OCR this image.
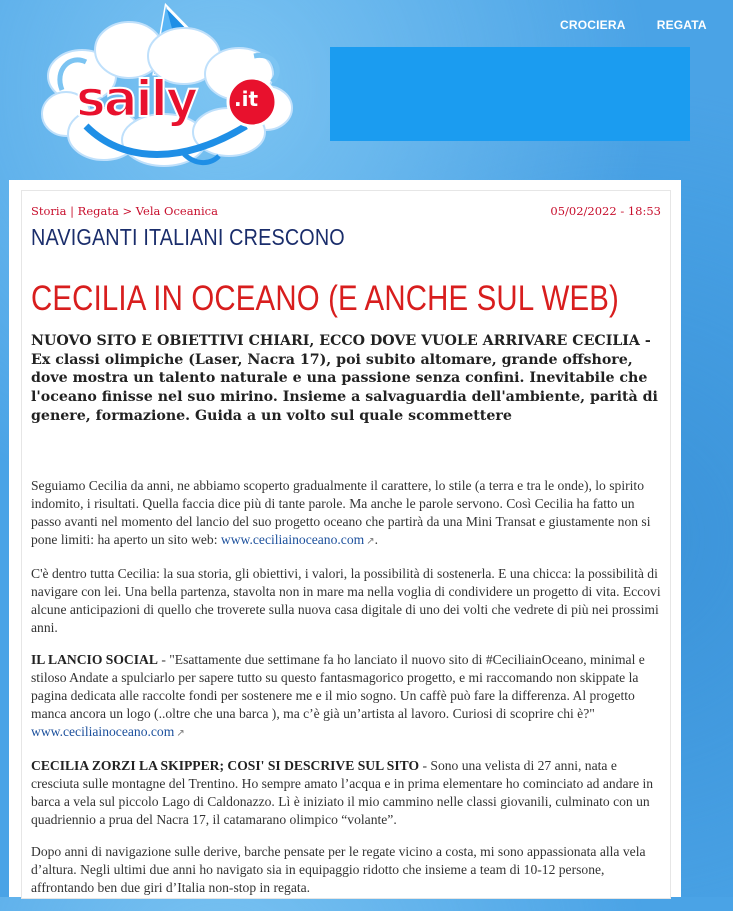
CROCIERA	REGATA
saily .it
Storia | Regata > Vela Oceanica	05/02/2022 - 18:53
NAVIGANTI ITALIANI CRESCONO
CECILIA IN OCEANO (E ANCHE SUL WEB)
NUOVO SITO E OBIETTIVI CHIARI, ECCO DOVE VUOLE ARRIVARE CECILIA - Ex classi olimpiche (Laser, Nacra 17), poi subito altomare, grande offshore, dove mostra un talento naturale e una passione senza confini. Inevitabile che l'oceano finisse nel suo mirino. Insieme a salvaguardia dell'ambiente, parità di genere, formazione. Guida a un volto sul quale scommettere

Seguiamo Cecilia da anni, ne abbiamo scoperto gradualmente il carattere, lo stile (a terra e tra le onde), lo spirito indomito, i risultati. Quella faccia dice più di tante parole. Ma anche le parole servono. Così Cecilia ha fatto un passo avanti nel momento del lancio del suo progetto oceano che partirà da una Mini Transat e giustamente non si pone limiti: ha aperto un sito web: www.ceciliainoceano.com ↗.

C'è dentro tutta Cecilia: la sua storia, gli obiettivi, i valori, la possibilità di sostenerla. E una chicca: la possibilità di navigare con lei. Una bella partenza, stavolta non in mare ma nella voglia di condividere un progetto di vita. Eccovi alcune anticipazioni di quello che troverete sulla nuova casa digitale di uno dei volti che vedrete di più nei prossimi anni.

IL LANCIO SOCIAL - "Esattamente due settimane fa ho lanciato il nuovo sito di #CeciliainOceano, minimal e stiloso Andate a spulciarlo per sapere tutto su questo fantasmagorico progetto, e mi raccomando non skippate la pagina dedicata alle raccolte fondi per sostenere me e il mio sogno. Un caffè può fare la differenza. Al progetto manca ancora un logo (..oltre che una barca ), ma c’è già un’artista al lavoro. Curiosi di scoprire chi è?" www.ceciliainoceano.com ↗

CECILIA ZORZI LA SKIPPER; COSI' SI DESCRIVE SUL SITO - Sono una velista di 27 anni, nata e cresciuta sulle montagne del Trentino. Ho sempre amato l’acqua e in prima elementare ho cominciato ad andare in barca a vela sul piccolo Lago di Caldonazzo. Lì è iniziato il mio cammino nelle classi giovanili, culminato con un quadriennio a prua del Nacra 17, il catamarano olimpico “volante”.

Dopo anni di navigazione sulle derive, barche pensate per le regate vicino a costa, mi sono appassionata alla vela d’altura. Negli ultimi due anni ho navigato sia in equipaggio ridotto che insieme a team di 10-12 persone, affrontando ben due giri d’Italia non-stop in regata.
